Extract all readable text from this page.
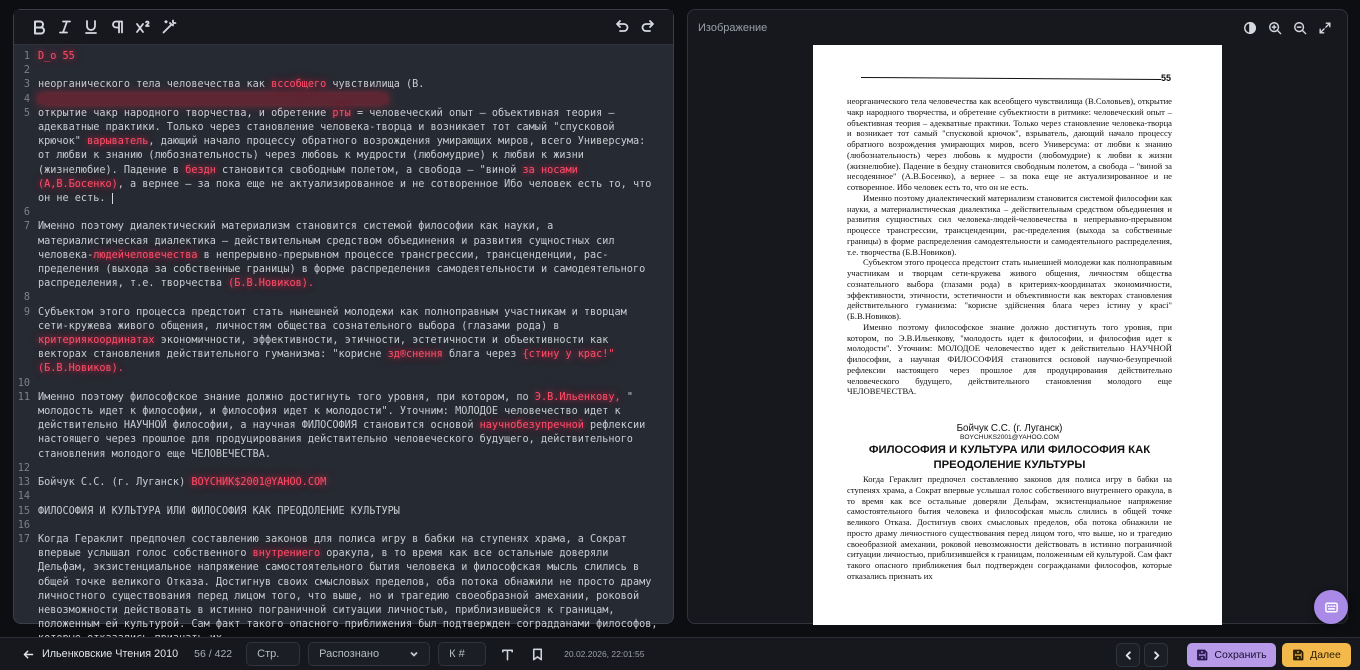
1 D_o 55
2

3 неорганического тела человечества как вссобщего чувствилища (В.
4
5 открытие чакр народного творчества, и обретение рты = человеческий опыт — объективная теория — адекватные практики. Только через становление человека-творца и возникает тот самый "спусковой крючок" варыватель, дающий начало процессу обратного возрождения умирающих миров, всего Универсума: от любви к знанию (любознательность) через любовь к мудрости (любомудрие) к любви к жизни (жизнелюбие). Падение в бездн становится свободным полетом, а свобода — "виной за носами (А,В.Босенко), а вернее — за пока еще не актуализированное и не сотворенное Ибо человек есть то, что он не есть.
6

7 Именно поэтому диалектический материализм становится системой философии как науки, а материалистическая диалектика — действительным средством объединения и развития сущностных сил человека-людейчеловечества в непрерывно-прерывном процессе трансгрессии, трансценденции, рас-пределения (выхода за собственные границы) в форме распределения самодеятельности и самодеятельного распределения, т.е. творчества (Б.В.Новиков).
8

9 Субъектом этого процесса предстоит стать нынешней молодежи как полноправным участникам и творцам сети-кружева живого общения, личностям общества сознательного выбора (глазами рода) в критериякоординатах экономичности, эффективности, этичности, эстетичности и объективности как векторах становления действительного гуманизма: "корисне зд®снення блага через {стину у крас!" (Б.В.Новиков).
10

11 Именно поэтому философское знание должно достигнуть того уровня, при котором, по Э.В.Ильенкову, " молодость идет к философии, и философия идет к молодости". Уточним: МОЛОДОЕ человечество идет к действительно НАУЧНОЙ философии, а научная ФИЛОСОФИЯ становится основой научнобезупречной рефлексии настоящего через прошлое для продуцирования действительно человеческого будущего, действительного становления молодого еще ЧЕЛОВЕЧЕСТВА.
12

13 Бойчук С.С. (г. Луганск) BOYCHИК$2001@YAHOO.COM
14

15 ФИЛОСОФИЯ И КУЛЬТУРА ИЛИ ФИЛОСОФИЯ КАК ПРЕОДОЛЕНИЕ КУЛЬТУРЫ
16

17 Когда Гераклит предпочел составлению законов для полиса игру в бабки на ступенях храма, а Сократ впервые услышал голос собственного внутрениего оракула, в то время как все остальные доверяли Дельфам, экзистенциальное напряжение самостоятельного бытия человека и философская мысль слились в общей точке великого Отказа. Достигнув своих смысловых пределов, оба потока обнажили не просто драму личностного существования перед лицом того, что выше, но и трагедию своеобразной амехании, роковой невозможности действовать в истинно пограничной ситуации личностью, приблизившейся к границам, положенным ей культурой. Сам факт такого опасного приближения был подтвержден соградданами философов,
Изображение
55

неорганического тела человечества как всеобщего чувствилища (В.Соловьев), открытие чакр народного творчества, и обретение субъектности в ритмике: человеческий опыт – объективная теория – адекватные практики. Только через становление человека-творца и возникает тот самый "спусковой крючок", взрыватель, дающий начало процессу обратного возрождения умирающих миров, всего Универсума: от любви к знанию (любознательность) через любовь к мудрости (любомудрие) к любви к жизни (жизнелюбие). Падение в бездну становится свободным полетом, а свобода – "виной за несодеянное" (А.В.Босенко), а вернее – за пока еще не актуализированное и не сотворенное. Ибо человек есть то, что он не есть.

Именно поэтому диалектический материализм становится системой философии как науки, а материалистическая диалектика – действительным средством объединения и развития сущностных сил человека-людей-человечества в непрерывно-прерывном процессе трансгрессии, трансценденции, рас-пределения (выхода за собственные границы) в форме распределения самодеятельности и самодеятельного распределения, т.е. творчества (Б.В.Новиков).

Субъектом этого процесса предстоит стать нынешней молодежи как полноправным участникам и творцам сети-кружева живого общения, личностям общества сознательного выбора (глазами рода) в критериях-координатах экономичности, эффективности, этичности, эстетичности и объективности как векторах становления действительного гуманизма: "корисне здійснення блага через істину у красі" (Б.В.Новиков).

Именно поэтому философское знание должно достигнуть того уровня, при котором, по Э.В.Ильенкову, "молодость идет к философии, и философия идет к молодости". Уточним: МОЛОДОЕ человечество идет к действительно НАУЧНОЙ философии, а научная ФИЛОСОФИЯ становится основой научно-безупречной рефлексии настоящего через прошлое для продуцирования действительно человеческого будущего, действительного становления молодого еще ЧЕЛОВЕЧЕСТВА.

Бойчук С.С. (г. Луганск)
BOYCHUKS2001@YAHOO.COM
ФИЛОСОФИЯ И КУЛЬТУРА ИЛИ ФИЛОСОФИЯ КАК ПРЕОДОЛЕНИЕ КУЛЬТУРЫ

Когда Гераклит предпочел составлению законов для полиса игру в бабки на ступенях храма, а Сократ впервые услышал голос собственного внутреннего оракула, в то время как все остальные доверяли Дельфам, экзистенциальное напряжение самостоятельного бытия человека и философская мысль слились в общей точке великого Отказа. Достигнув своих смысловых пределов, оба потока обнажили не просто драму личностного существования перед лицом того, что выше, но и трагедию своеобразной амехании, роковой невозможности действовать в истинно пограничной ситуации личностью, приблизившейся к границам, положенным ей культурой. Сам факт такого опасного приближения был подтвержден согражданами философов, которые отказались признать их

Ильенковские Чтения 2010 56 / 422	Стр.	Распознано	К #	20.02.2026, 22:01:55	Сохранить	Далее
